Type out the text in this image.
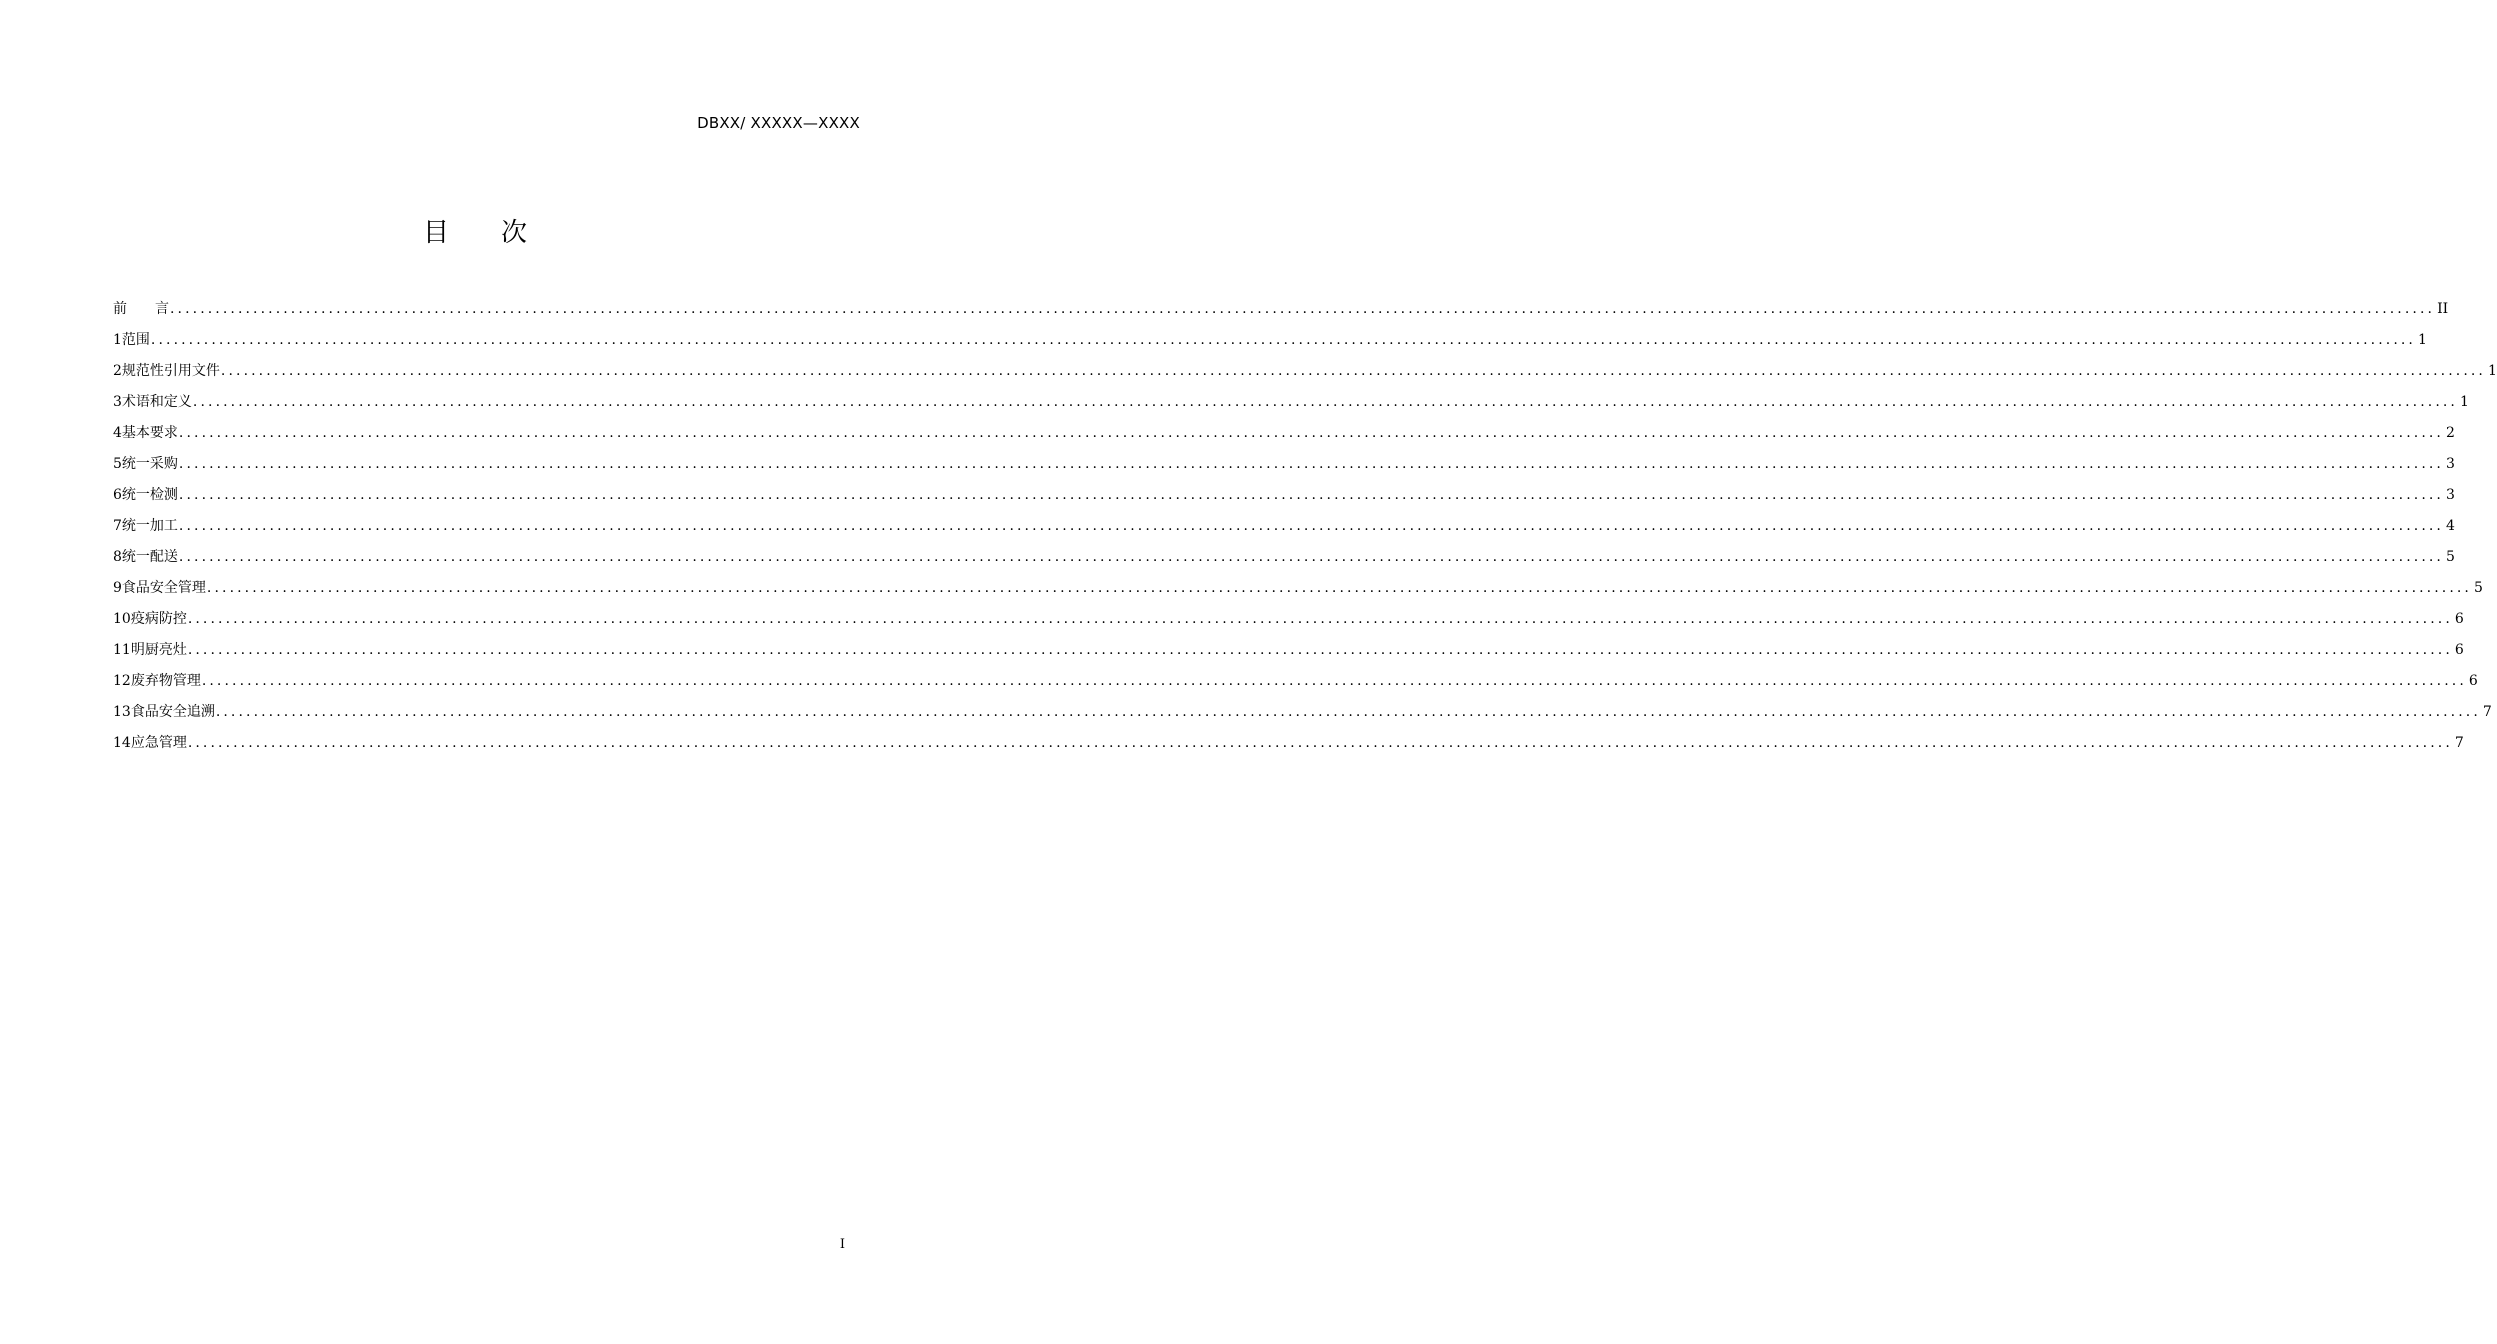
DBXX/ XXXXX—XXXX
目 次
前　　言 ............................................................................................................................................................................................................................................................................................................ II
1 范围 ............................................................................................................................................................................................................................................................................................................ 1
2 规范性引用文件 ............................................................................................................................................................................................................................................................................................................ 1
3 术语和定义 ............................................................................................................................................................................................................................................................................................................ 1
4 基本要求 ............................................................................................................................................................................................................................................................................................................ 2
5 统一采购 ............................................................................................................................................................................................................................................................................................................ 3
6 统一检测 ............................................................................................................................................................................................................................................................................................................ 3
7 统一加工 ............................................................................................................................................................................................................................................................................................................ 4
8 统一配送 ............................................................................................................................................................................................................................................................................................................ 5
9 食品安全管理 ............................................................................................................................................................................................................................................................................................................ 5
10 疫病防控 ............................................................................................................................................................................................................................................................................................................ 6
11 明厨亮灶 ............................................................................................................................................................................................................................................................................................................ 6
12 废弃物管理 ............................................................................................................................................................................................................................................................................................................ 6
13 食品安全追溯 ............................................................................................................................................................................................................................................................................................................ 7
14 应急管理 ............................................................................................................................................................................................................................................................................................................ 7
I
